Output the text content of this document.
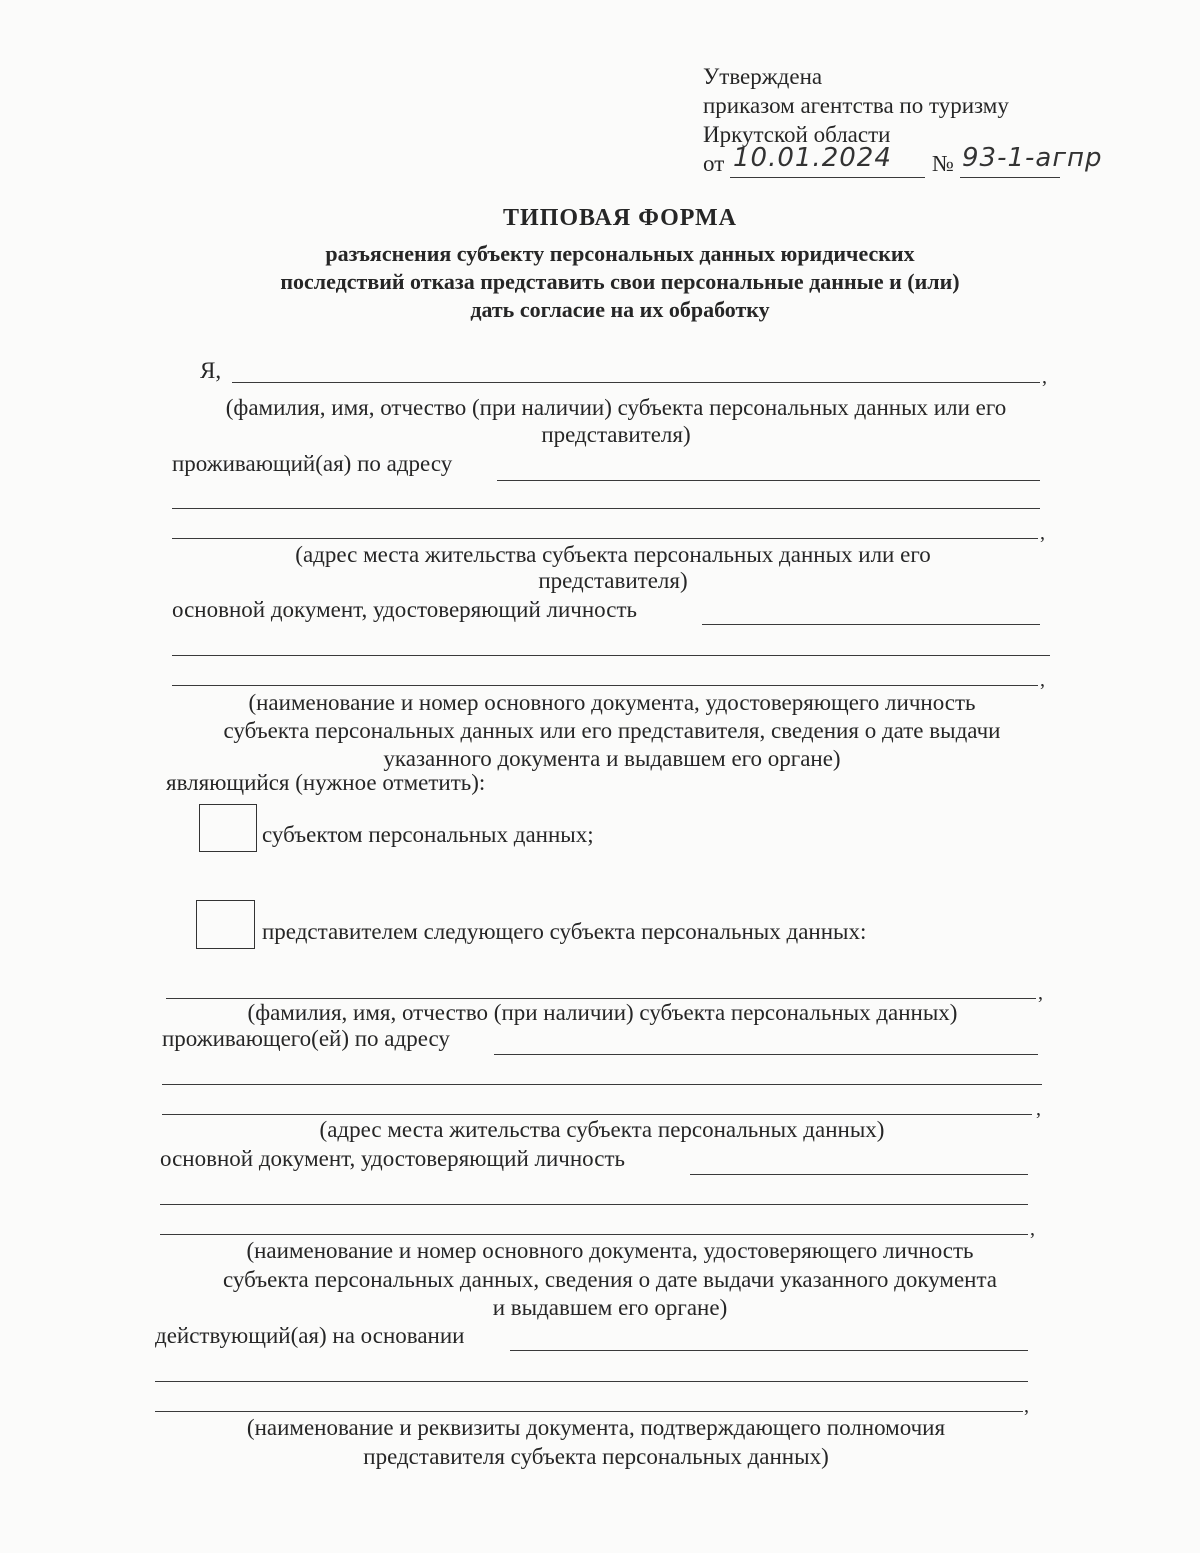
Утверждена
приказом агентства по туризму
Иркутской области
от 10.01.2024 № 93-1-агпр
ТИПОВАЯ ФОРМА
разъяснения субъекту персональных данных юридических
последствий отказа представить свои персональные данные и (или)
дать согласие на их обработку
Я,	,
(фамилия, имя, отчество (при наличии) субъекта персональных данных или его
представителя)
проживающий(ая) по адресу
,
(адрес места жительства субъекта персональных данных или его
представителя)
основной документ, удостоверяющий личность
,
(наименование и номер основного документа, удостоверяющего личность
субъекта персональных данных или его представителя, сведения о дате выдачи
указанного документа и выдавшем его органе)
являющийся (нужное отметить):
субъектом персональных данных;
представителем следующего субъекта персональных данных:
,
(фамилия, имя, отчество (при наличии) субъекта персональных данных)
проживающего(ей) по адресу
,
(адрес места жительства субъекта персональных данных)
основной документ, удостоверяющий личность
,
(наименование и номер основного документа, удостоверяющего личность
субъекта персональных данных, сведения о дате выдачи указанного документа
и выдавшем его органе)
действующий(ая) на основании
,
(наименование и реквизиты документа, подтверждающего полномочия
представителя субъекта персональных данных)
